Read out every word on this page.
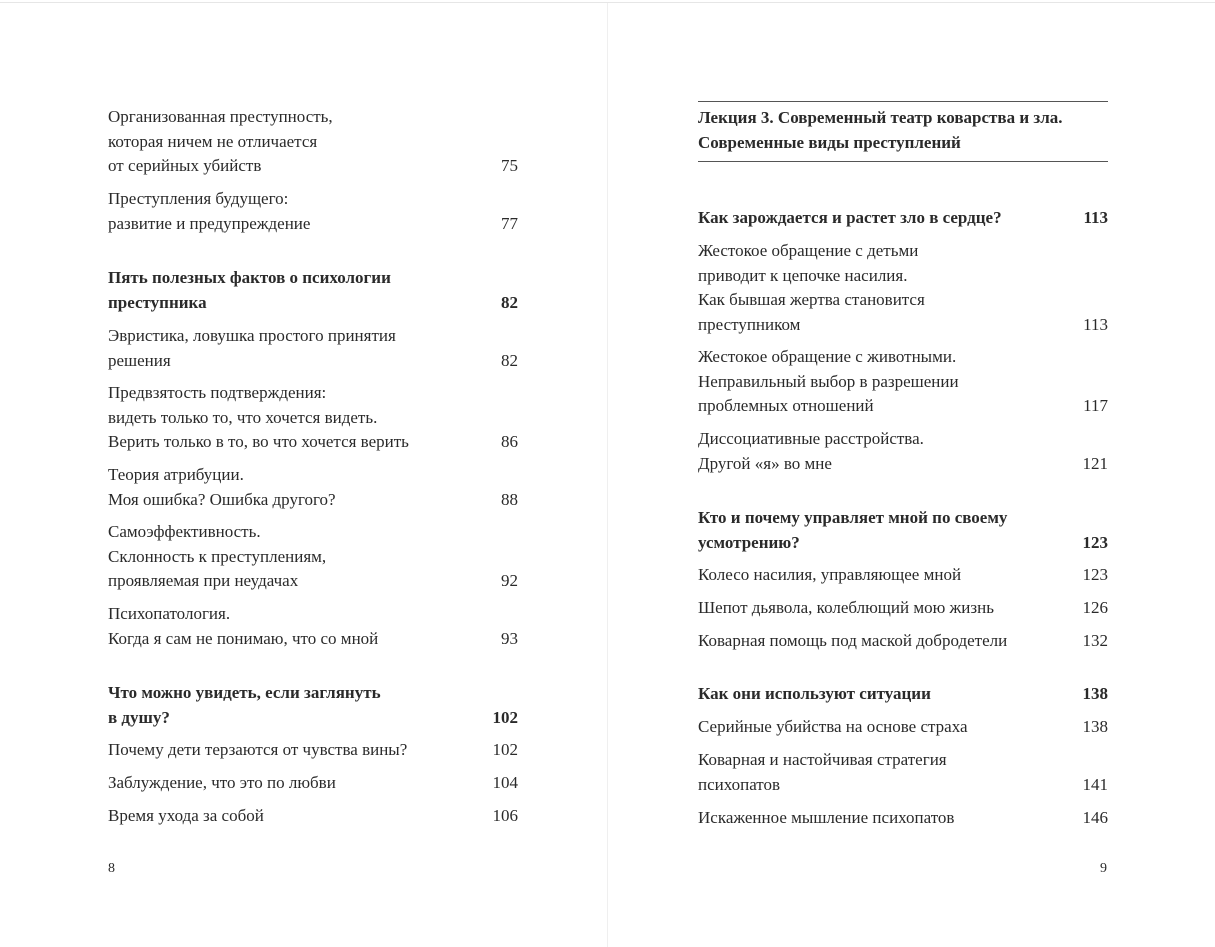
Организованная преступность,
которая ничем не отличается
от серийных убийств	75
Преступления будущего:
развитие и предупреждение	77
Пять полезных фактов о психологии
преступника	82
Эвристика, ловушка простого принятия
решения	82
Предвзятость подтверждения:
видеть только то, что хочется видеть.
Верить только в то, во что хочется верить	86
Теория атрибуции.
Моя ошибка? Ошибка другого?	88
Самоэффективность.
Склонность к преступлениям,
проявляемая при неудачах	92
Психопатология.
Когда я сам не понимаю, что со мной	93
Что можно увидеть, если заглянуть
в душу?	102
Почему дети терзаются от чувства вины?	102
Заблуждение, что это по любви	104
Время ухода за собой	106
8
Лекция 3. Современный театр коварства и зла.
Современные виды преступлений
Как зарождается и растет зло в сердце?	113
Жестокое обращение с детьми
приводит к цепочке насилия.
Как бывшая жертва становится
преступником	113
Жестокое обращение с животными.
Неправильный выбор в разрешении
проблемных отношений	117
Диссоциативные расстройства.
Другой «я» во мне	121
Кто и почему управляет мной по своему
усмотрению?	123
Колесо насилия, управляющее мной	123
Шепот дьявола, колеблющий мою жизнь	126
Коварная помощь под маской добродетели	132
Как они используют ситуации	138
Серийные убийства на основе страха	138
Коварная и настойчивая стратегия
психопатов	141
Искаженное мышление психопатов	146
9
